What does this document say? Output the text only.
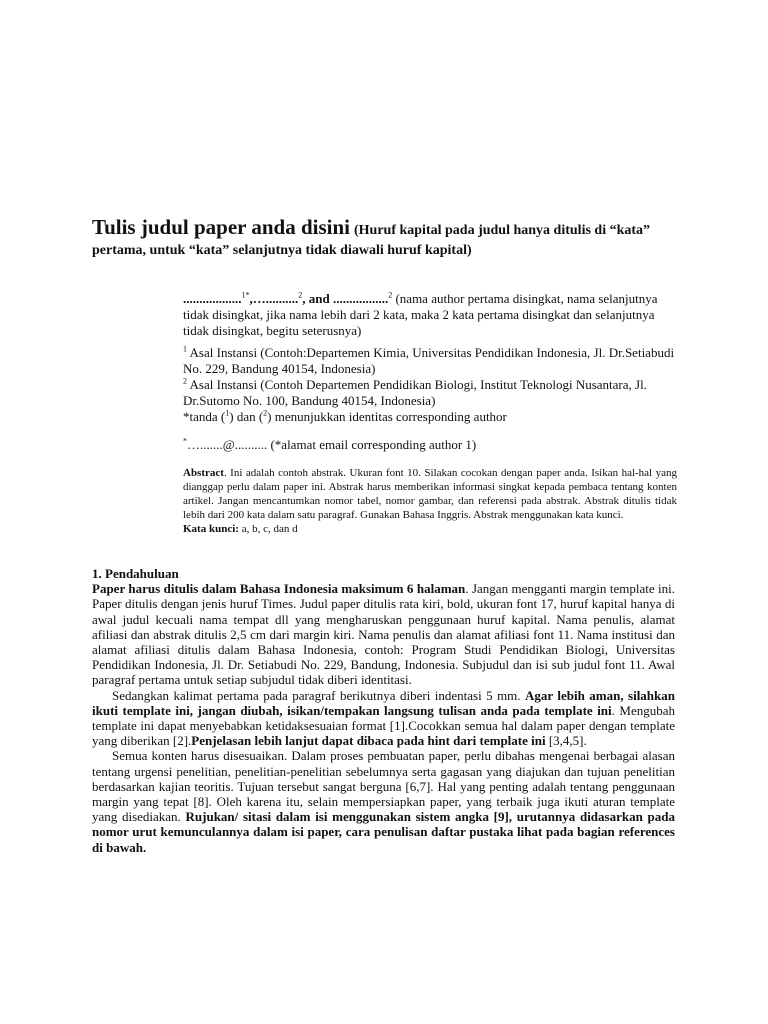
Tulis judul paper anda disini (Huruf kapital pada judul hanya ditulis di “kata” pertama, untuk “kata” selanjutnya tidak diawali huruf kapital)
..................$^{1*}$,…..........$^2$, and .................$^2$ (nama author pertama disingkat, nama selanjutnya tidak disingkat, jika nama lebih dari 2 kata, maka 2 kata pertama disingkat dan selanjutnya tidak disingkat, begitu seterusnya)
$^1$ Asal Instansi (Contoh:Departemen Kimia, Universitas Pendidikan Indonesia, Jl. Dr.Setiabudi No. 229, Bandung 40154, Indonesia)
$^2$ Asal Instansi (Contoh Departemen Pendidikan Biologi, Institut Teknologi Nusantara, Jl. Dr.Sutomo No. 100, Bandung 40154, Indonesia)
*tanda ($^1$) dan ($^2$) menunjukkan identitas corresponding author
*….......@.......... (*alamat email corresponding author 1)
Abstract. Ini adalah contoh abstrak. Ukuran font 10. Silakan cocokan dengan paper anda. Isikan hal-hal yang dianggap perlu dalam paper ini. Abstrak harus memberikan informasi singkat kepada pembaca tentang konten artikel. Jangan mencantumkan nomor tabel, nomor gambar, dan referensi pada abstrak. Abstrak ditulis tidak lebih dari 200 kata dalam satu paragraf. Gunakan Bahasa Inggris. Abstrak menggunakan kata kunci.
Kata kunci: a, b, c, dan d

1. Pendahuluan

Paper harus ditulis dalam Bahasa Indonesia maksimum 6 halaman. Jangan mengganti margin template ini. Paper ditulis dengan jenis huruf Times. Judul paper ditulis rata kiri, bold, ukuran font 17, huruf kapital hanya di awal judul kecuali nama tempat dll yang mengharuskan penggunaan huruf kapital. Nama penulis, alamat afiliasi dan abstrak ditulis 2,5 cm dari margin kiri. Nama penulis dan alamat afiliasi font 11. Nama institusi dan alamat afiliasi ditulis dalam Bahasa Indonesia, contoh: Program Studi Pendidikan Biologi, Universitas Pendidikan Indonesia, Jl. Dr. Setiabudi No. 229, Bandung, Indonesia. Subjudul dan isi sub judul font 11. Awal paragraf pertama untuk setiap subjudul tidak diberi identitasi.

Sedangkan kalimat pertama pada paragraf berikutnya diberi indentasi 5 mm. Agar lebih aman, silahkan ikuti template ini, jangan diubah, isikan/tempakan langsung tulisan anda pada template ini. Mengubah template ini dapat menyebabkan ketidaksesuaian format [1].Cocokkan semua hal dalam paper dengan template yang diberikan [2].Penjelasan lebih lanjut dapat dibaca pada hint dari template ini [3,4,5].

Semua konten harus disesuaikan. Dalam proses pembuatan paper, perlu dibahas mengenai berbagai alasan tentang urgensi penelitian, penelitian-penelitian sebelumnya serta gagasan yang diajukan dan tujuan penelitian berdasarkan kajian teoritis. Tujuan tersebut sangat berguna [6,7]. Hal yang penting adalah tentang penggunaan margin yang tepat [8]. Oleh karena itu, selain mempersiapkan paper, yang terbaik juga ikuti aturan template yang disediakan. Rujukan/ sitasi dalam isi menggunakan sistem angka [9], urutannya didasarkan pada nomor urut kemunculannya dalam isi paper, cara penulisan daftar pustaka lihat pada bagian references di bawah.
